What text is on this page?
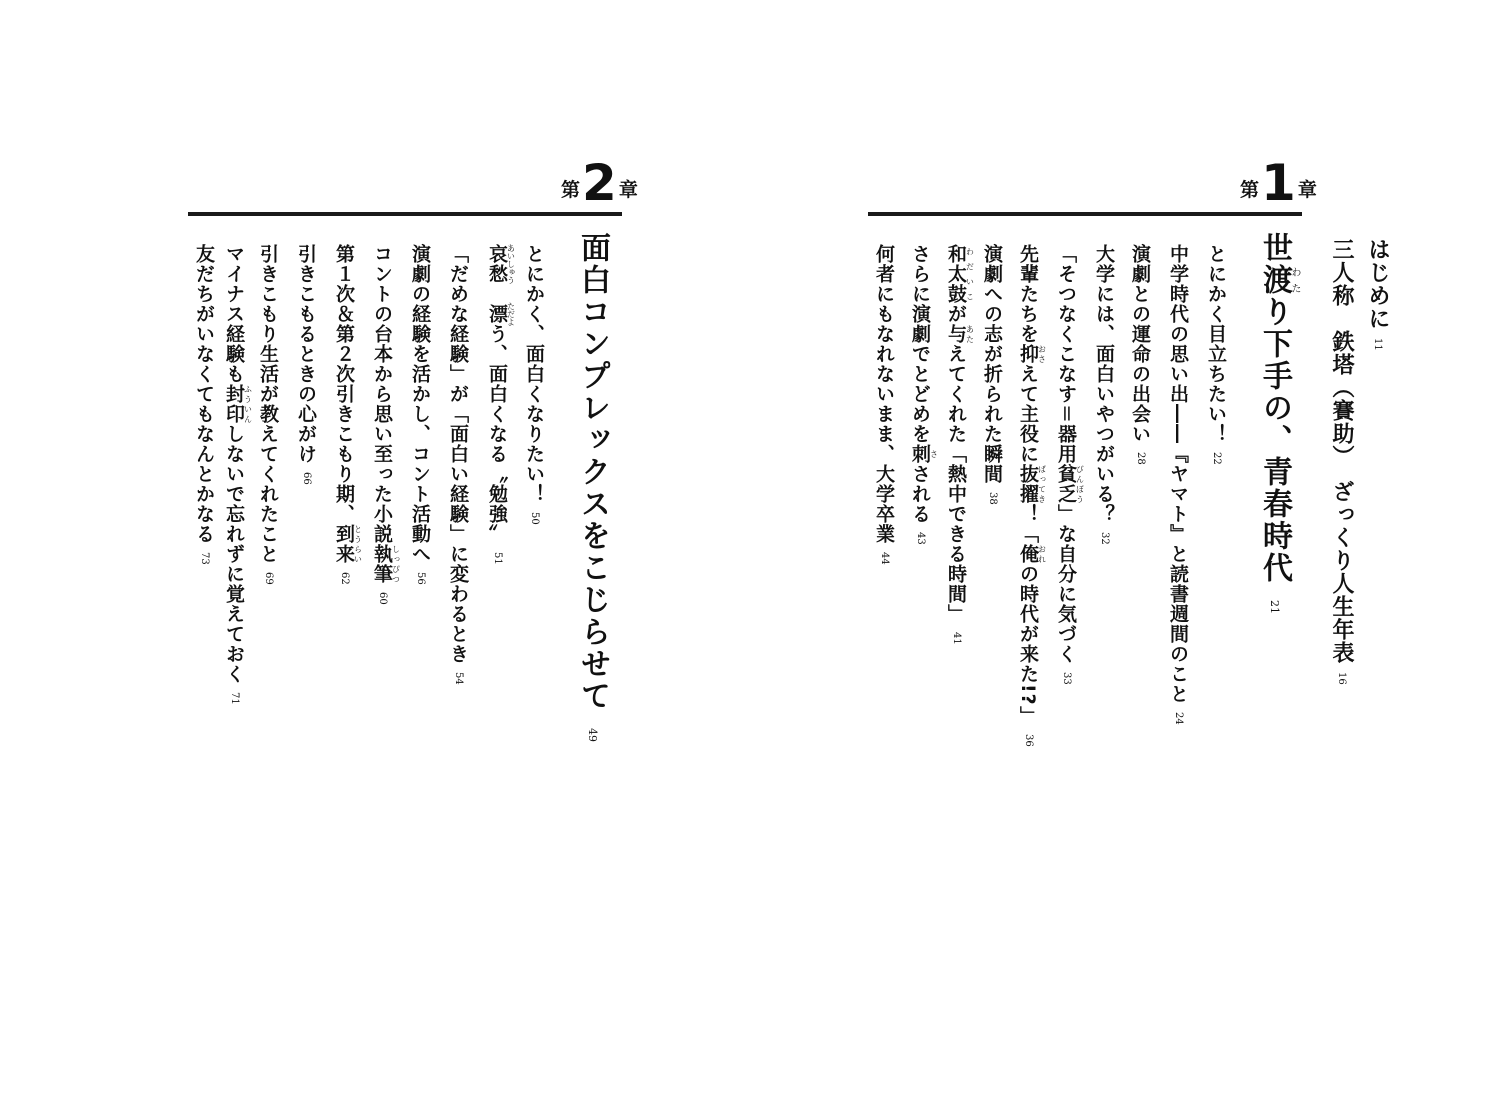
第 2 章
面白コンプレックスをこじらせて49
とにかく、面白くなりたい！50
哀愁あいしゅう　漂ただよう、面白くなる〝勉強〟51
「だめな経験」が「面白い経験」に変わるとき54
演劇の経験を活かし、コント活動へ56
コントの台本から思い至った小説執筆しっぴつ60
第１次＆第２次引きこもり期、到来とうらい62
引きこもるときの心がけ66
引きこもり生活が教えてくれたこと69
マイナス経験も封印ふういんしないで忘れずに覚えておく71
友だちがいなくてもなんとかなる73
はじめに11
三人称　鉄塔（賽助）　ざっくり人生年表16
第 1 章
世渡わたり下手の、青春時代21
とにかく目立ちたい！22
中学時代の思い出――『ヤマト』と読書週間のこと24
演劇との運命の出会い28
大学には、面白いやつがいる？32
「そつなくこなす＝器用貧乏びんぼう」な自分に気づく33
先輩たちを抑おさえて主役に抜擢ばってき！「俺おれの時代が来た!?」36
演劇への志が折られた瞬間38
和太鼓わだいこが与あたえてくれた「熱中できる時間」41
さらに演劇でとどめを刺さされる43
何者にもなれないまま、大学卒業44
